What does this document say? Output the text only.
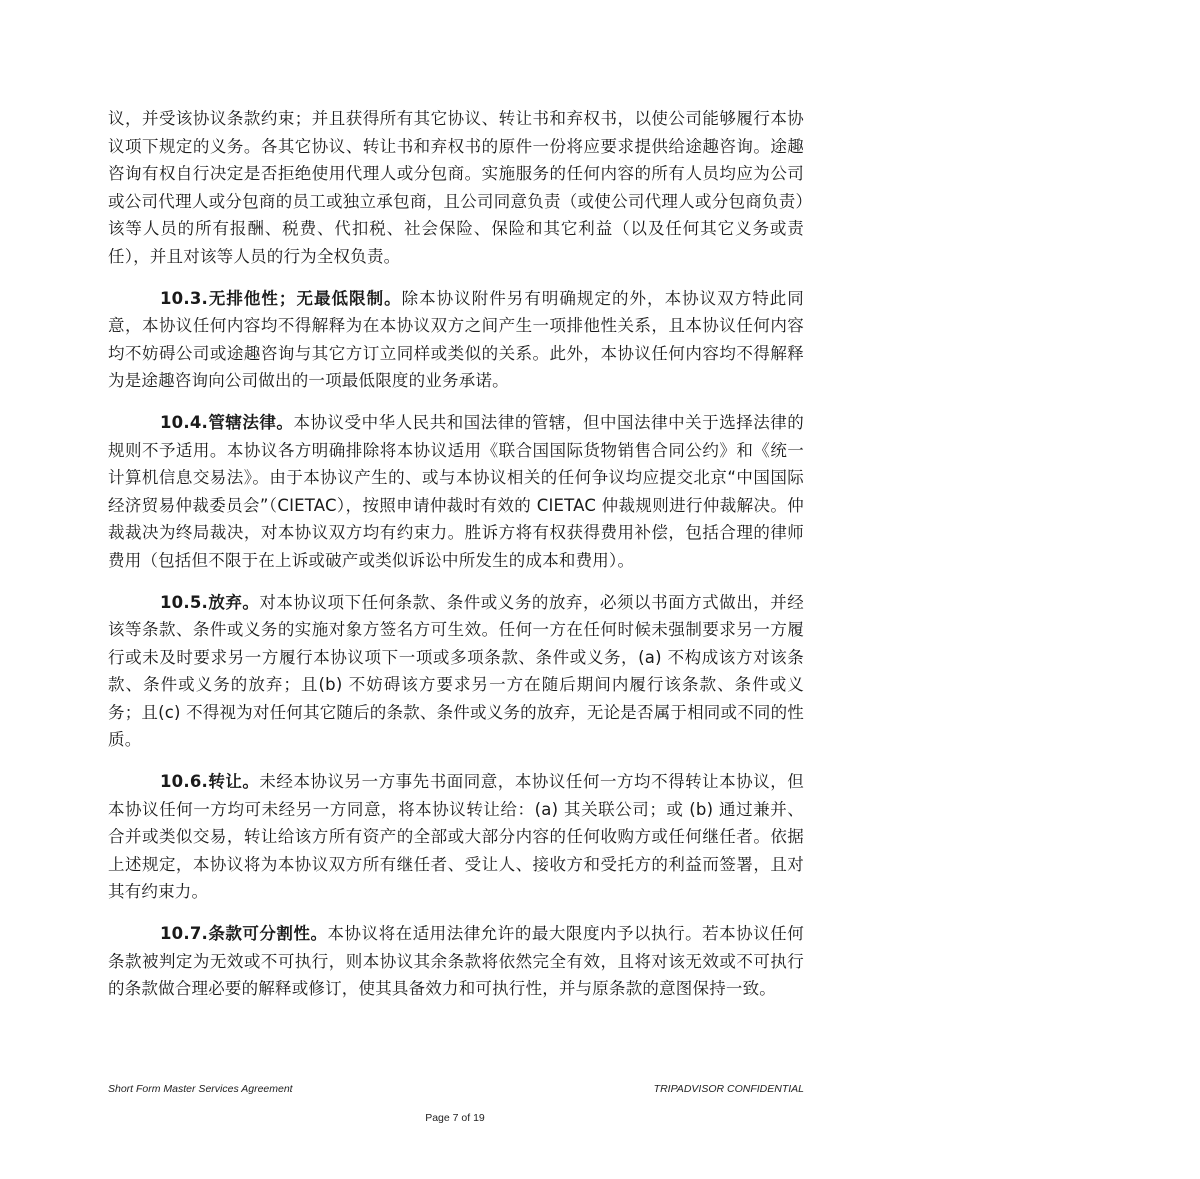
议，并受该协议条款约束；并且获得所有其它协议、转让书和弃权书，以使公司能够履行本协议项下规定的义务。各其它协议、转让书和弃权书的原件一份将应要求提供给途趣咨询。途趣咨询有权自行决定是否拒绝使用代理人或分包商。实施服务的任何内容的所有人员均应为公司或公司代理人或分包商的员工或独立承包商，且公司同意负责（或使公司代理人或分包商负责）该等人员的所有报酬、税费、代扣税、社会保险、保险和其它利益（以及任何其它义务或责任），并且对该等人员的行为全权负责。

10.3.无排他性；无最低限制。除本协议附件另有明确规定的外，本协议双方特此同意，本协议任何内容均不得解释为在本协议双方之间产生一项排他性关系，且本协议任何内容均不妨碍公司或途趣咨询与其它方订立同样或类似的关系。此外，本协议任何内容均不得解释为是途趣咨询向公司做出的一项最低限度的业务承诺。

10.4.管辖法律。本协议受中华人民共和国法律的管辖，但中国法律中关于选择法律的规则不予适用。本协议各方明确排除将本协议适用《联合国国际货物销售合同公约》和《统一计算机信息交易法》。由于本协议产生的、或与本协议相关的任何争议均应提交北京“中国国际经济贸易仲裁委员会”（CIETAC），按照申请仲裁时有效的 CIETAC 仲裁规则进行仲裁解决。仲裁裁决为终局裁决，对本协议双方均有约束力。胜诉方将有权获得费用补偿，包括合理的律师费用（包括但不限于在上诉或破产或类似诉讼中所发生的成本和费用）。

10.5.放弃。对本协议项下任何条款、条件或义务的放弃，必须以书面方式做出，并经该等条款、条件或义务的实施对象方签名方可生效。任何一方在任何时候未强制要求另一方履行或未及时要求另一方履行本协议项下一项或多项条款、条件或义务，(a) 不构成该方对该条款、条件或义务的放弃；且(b) 不妨碍该方要求另一方在随后期间内履行该条款、条件或义务；且(c) 不得视为对任何其它随后的条款、条件或义务的放弃，无论是否属于相同或不同的性质。

10.6.转让。未经本协议另一方事先书面同意，本协议任何一方均不得转让本协议，但本协议任何一方均可未经另一方同意，将本协议转让给：(a) 其关联公司；或 (b) 通过兼并、合并或类似交易，转让给该方所有资产的全部或大部分内容的任何收购方或任何继任者。依据上述规定，本协议将为本协议双方所有继任者、受让人、接收方和受托方的利益而签署，且对其有约束力。

10.7.条款可分割性。本协议将在适用法律允许的最大限度内予以执行。若本协议任何条款被判定为无效或不可执行，则本协议其余条款将依然完全有效，且将对该无效或不可执行的条款做合理必要的解释或修订，使其具备效力和可执行性，并与原条款的意图保持一致。

Short Form Master Services Agreement	TRIPADVISOR CONFIDENTIAL
Page 7 of 19
